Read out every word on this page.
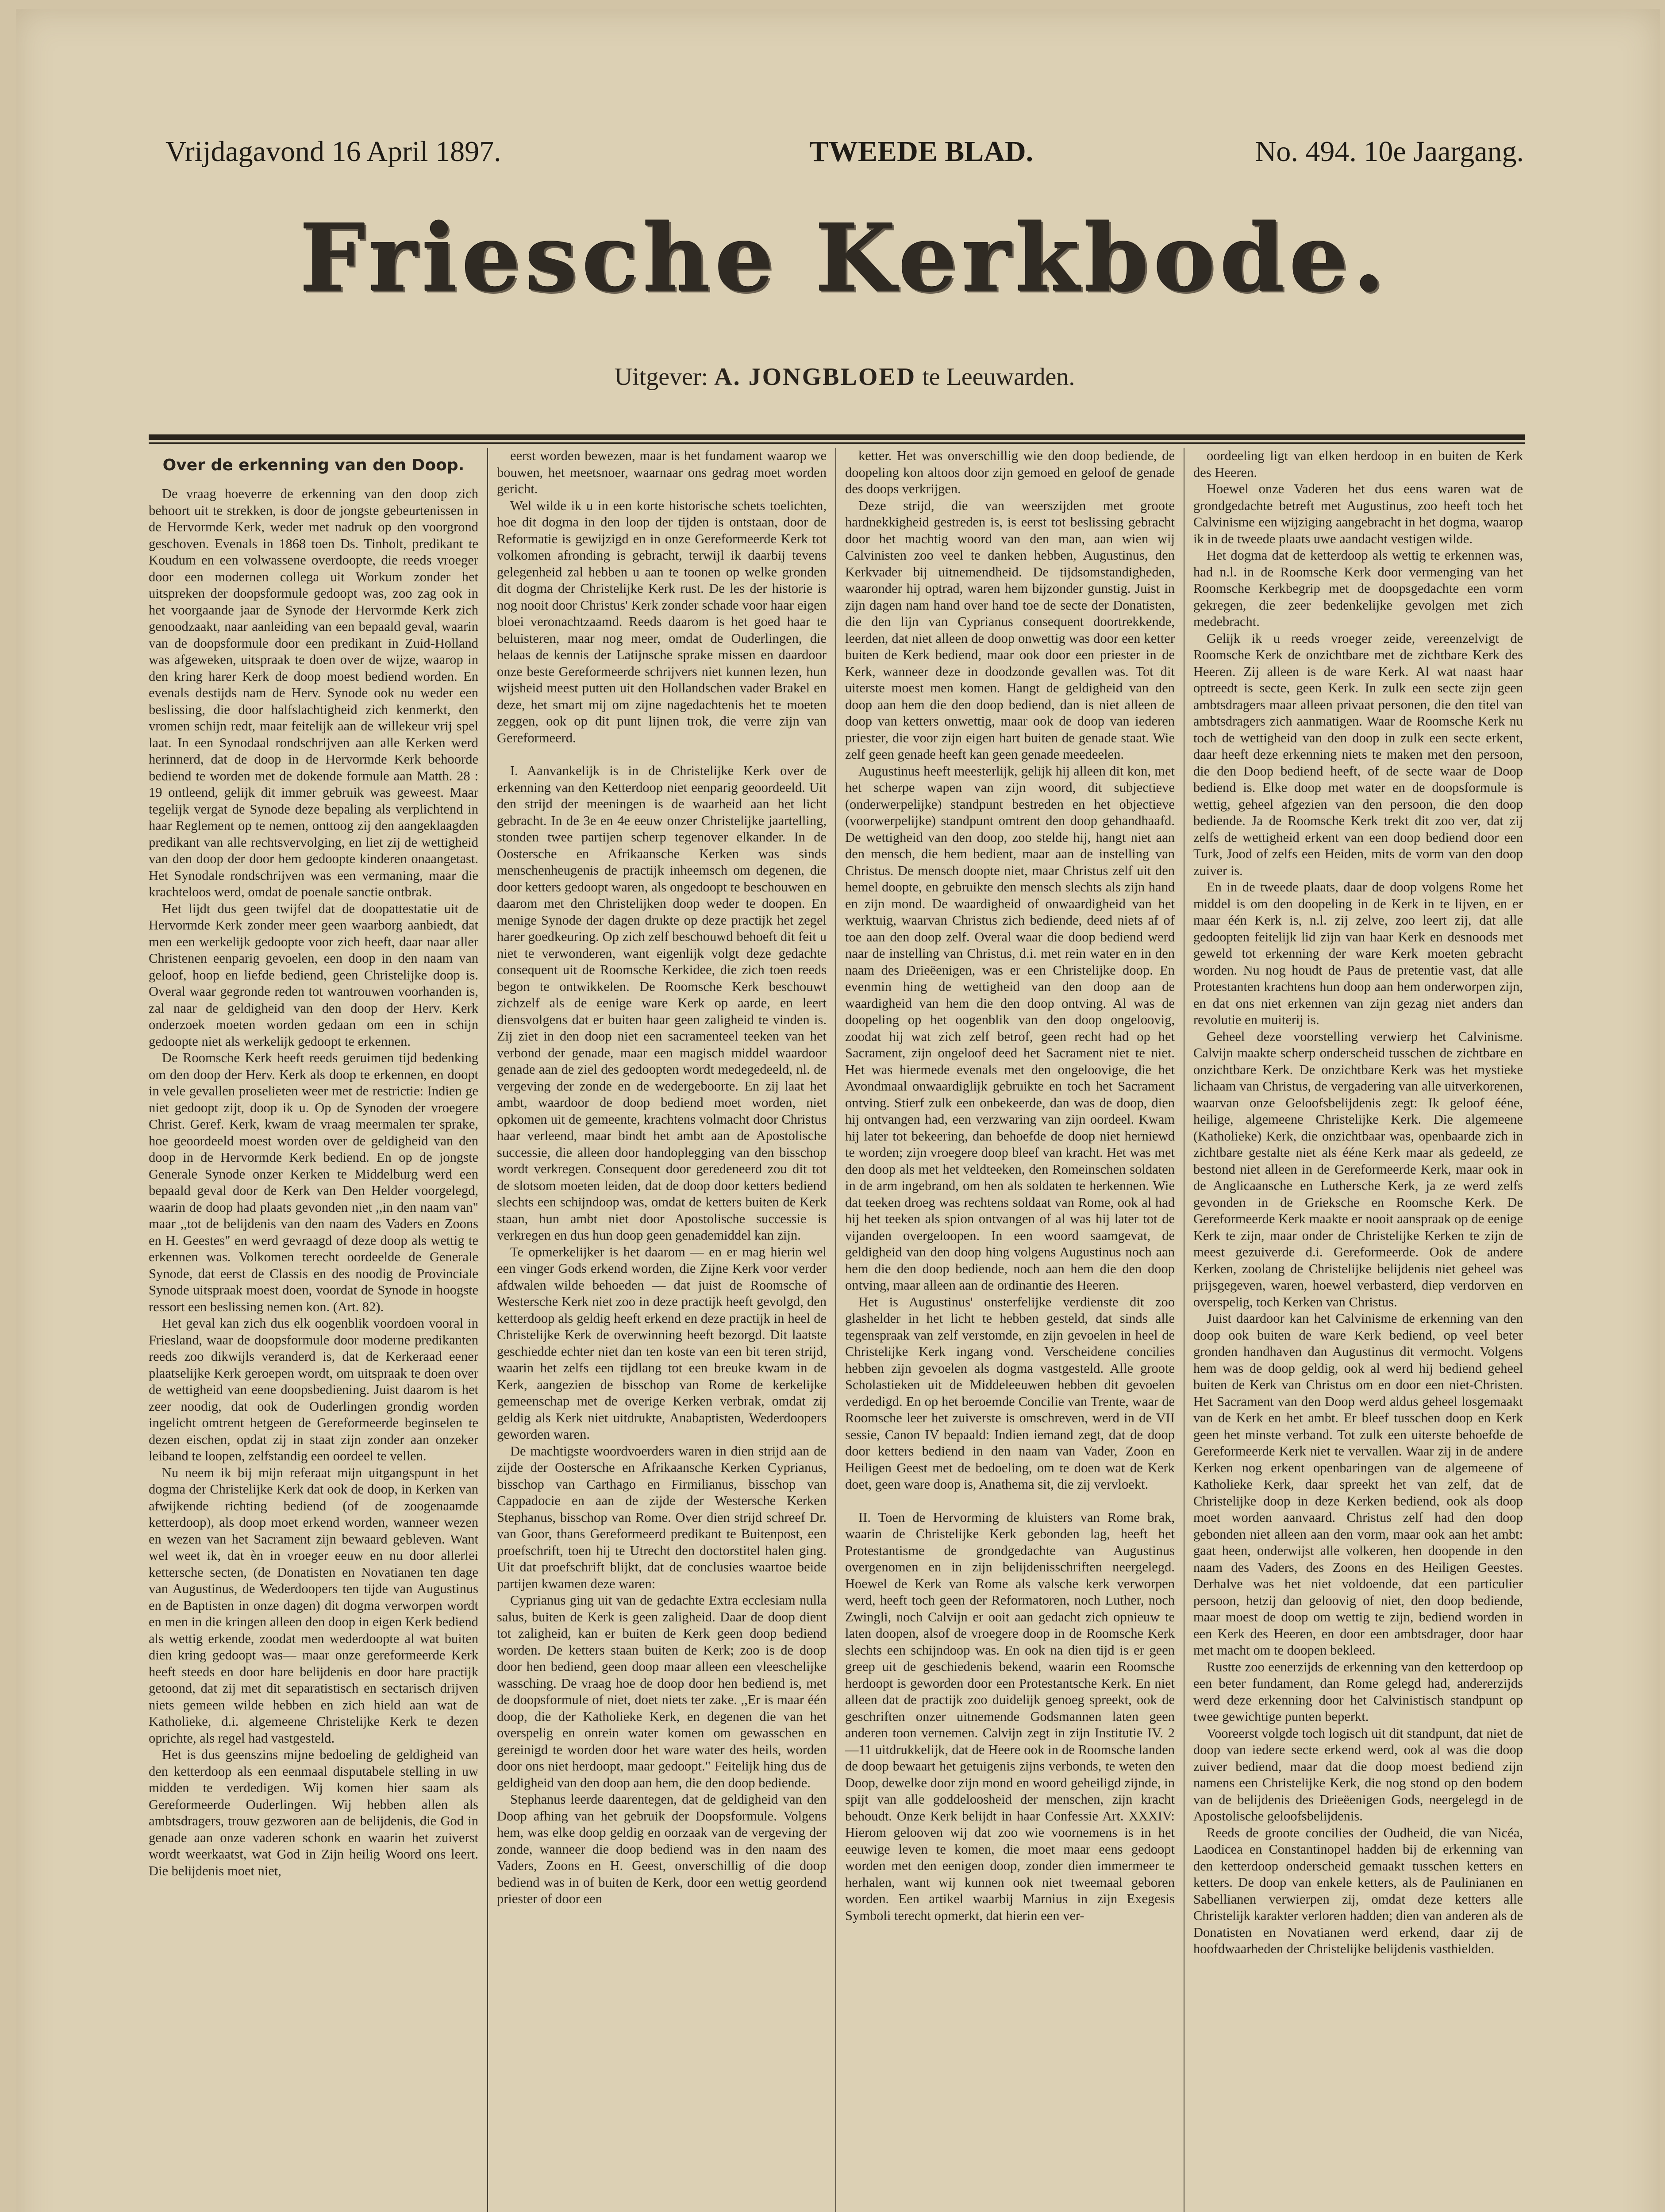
Vrijdagavond 16 April 1897.	TWEEDE BLAD.	No. 494. 10e Jaargang.
Friesche Kerkbode.
Uitgever: A. JONGBLOED te Leeuwarden.
Over de erkenning van den Doop.

De vraag hoeverre de erkenning van den doop zich behoort uit te strekken, is door de jongste gebeurtenissen in de Hervormde Kerk, weder met nadruk op den voorgrond geschoven. Evenals in 1868 toen Ds. Tinholt, predikant te Koudum en een volwassene overdoopte, die reeds vroeger door een modernen collega uit Workum zonder het uitspreken der doopsformule gedoopt was, zoo zag ook in het voorgaande jaar de Synode der Hervormde Kerk zich genoodzaakt, naar aanleiding van een bepaald geval, waarin van de doopsformule door een predikant in Zuid-Holland was afgeweken, uitspraak te doen over de wijze, waarop in den kring harer Kerk de doop moest bediend worden. En evenals destijds nam de Herv. Synode ook nu weder een beslissing, die door halfslachtigheid zich kenmerkt, den vromen schijn redt, maar feitelijk aan de willekeur vrij spel laat. In een Synodaal rondschrijven aan alle Kerken werd herinnerd, dat de doop in de Hervormde Kerk behoorde bediend te worden met de dokende formule aan Matth. 28 : 19 ontleend, gelijk dit immer gebruik was geweest. Maar tegelijk vergat de Synode deze bepaling als verplichtend in haar Reglement op te nemen, onttoog zij den aangeklaagden predikant van alle rechtsvervolging, en liet zij de wettigheid van den doop der door hem gedoopte kinderen onaangetast. Het Synodale rondschrijven was een vermaning, maar die krachteloos werd, omdat de poenale sanctie ontbrak.

Het lijdt dus geen twijfel dat de doopattestatie uit de Hervormde Kerk zonder meer geen waarborg aanbiedt, dat men een werkelijk gedoopte voor zich heeft, daar naar aller Christenen eenparig gevoelen, een doop in den naam van geloof, hoop en liefde bediend, geen Christelijke doop is. Overal waar gegronde reden tot wantrouwen voorhanden is, zal naar de geldigheid van den doop der Herv. Kerk onderzoek moeten worden gedaan om een in schijn gedoopte niet als werkelijk gedoopt te erkennen.

De Roomsche Kerk heeft reeds geruimen tijd bedenking om den doop der Herv. Kerk als doop te erkennen, en doopt in vele gevallen proselieten weer met de restrictie: Indien ge niet gedoopt zijt, doop ik u. Op de Synoden der vroegere Christ. Geref. Kerk, kwam de vraag meermalen ter sprake, hoe geoordeeld moest worden over de geldigheid van den doop in de Hervormde Kerk bediend. En op de jongste Generale Synode onzer Kerken te Middelburg werd een bepaald geval door de Kerk van Den Helder voorgelegd, waarin de doop had plaats gevonden niet ,,in den naam van" maar ,,tot de belijdenis van den naam des Vaders en Zoons en H. Geestes" en werd gevraagd of deze doop als wettig te erkennen was. Volkomen terecht oordeelde de Generale Synode, dat eerst de Classis en des noodig de Provinciale Synode uitspraak moest doen, voordat de Synode in hoogste ressort een beslissing nemen kon. (Art. 82).

Het geval kan zich dus elk oogenblik voordoen vooral in Friesland, waar de doopsformule door moderne predikanten reeds zoo dikwijls veranderd is, dat de Kerkeraad eener plaatselijke Kerk geroepen wordt, om uitspraak te doen over de wettigheid van eene doopsbediening. Juist daarom is het zeer noodig, dat ook de Ouderlingen grondig worden ingelicht omtrent hetgeen de Gereformeerde beginselen te dezen eischen, opdat zij in staat zijn zonder aan onzeker leiband te loopen, zelfstandig een oordeel te vellen.

Nu neem ik bij mijn referaat mijn uitgangspunt in het dogma der Christelijke Kerk dat ook de doop, in Kerken van afwijkende richting bediend (of de zoogenaamde ketterdoop), als doop moet erkend worden, wanneer wezen en wezen van het Sacrament zijn bewaard gebleven. Want wel weet ik, dat èn in vroeger eeuw en nu door allerlei kettersche secten, (de Donatisten en Novatianen ten dage van Augustinus, de Wederdoopers ten tijde van Augustinus en de Baptisten in onze dagen) dit dogma verworpen wordt en men in die kringen alleen den doop in eigen Kerk bediend als wettig erkende, zoodat men wederdoopte al wat buiten dien kring gedoopt was— maar onze gereformeerde Kerk heeft steeds en door hare belijdenis en door hare practijk getoond, dat zij met dit separatistisch en sectarisch drijven niets gemeen wilde hebben en zich hield aan wat de Katholieke, d.i. algemeene Christelijke Kerk te dezen oprichte, als regel had vastgesteld.

Het is dus geenszins mijne bedoeling de geldigheid van den ketterdoop als een eenmaal disputabele stelling in uw midden te verdedigen. Wij komen hier saam als Gereformeerde Ouderlingen. Wij hebben allen als ambtsdragers, trouw gezworen aan de belijdenis, die God in genade aan onze vaderen schonk en waarin het zuiverst wordt weerkaatst, wat God in Zijn heilig Woord ons leert. Die belijdenis moet niet,

eerst worden bewezen, maar is het fundament waarop we bouwen, het meetsnoer, waarnaar ons gedrag moet worden gericht.

Wel wilde ik u in een korte historische schets toelichten, hoe dit dogma in den loop der tijden is ontstaan, door de Reformatie is gewijzigd en in onze Gereformeerde Kerk tot volkomen afronding is gebracht, terwijl ik daarbij tevens gelegenheid zal hebben u aan te toonen op welke gronden dit dogma der Christelijke Kerk rust. De les der historie is nog nooit door Christus' Kerk zonder schade voor haar eigen bloei veronachtzaamd. Reeds daarom is het goed haar te beluisteren, maar nog meer, omdat de Ouderlingen, die helaas de kennis der Latijnsche sprake missen en daardoor onze beste Gereformeerde schrijvers niet kunnen lezen, hun wijsheid meest putten uit den Hollandschen vader Brakel en deze, het smart mij om zijne nagedachtenis het te moeten zeggen, ook op dit punt lijnen trok, die verre zijn van Gereformeerd.

I. Aanvankelijk is in de Christelijke Kerk over de erkenning van den Ketterdoop niet eenparig geoordeeld. Uit den strijd der meeningen is de waarheid aan het licht gebracht. In de 3e en 4e eeuw onzer Christelijke jaartelling, stonden twee partijen scherp tegenover elkander. In de Oostersche en Afrikaansche Kerken was sinds menschenheugenis de practijk inheemsch om degenen, die door ketters gedoopt waren, als ongedoopt te beschouwen en daarom met den Christelijken doop weder te doopen. En menige Synode der dagen drukte op deze practijk het zegel harer goedkeuring. Op zich zelf beschouwd behoeft dit feit u niet te verwonderen, want eigenlijk volgt deze gedachte consequent uit de Roomsche Kerkidee, die zich toen reeds begon te ontwikkelen. De Roomsche Kerk beschouwt zichzelf als de eenige ware Kerk op aarde, en leert diensvolgens dat er buiten haar geen zaligheid te vinden is. Zij ziet in den doop niet een sacramenteel teeken van het verbond der genade, maar een magisch middel waardoor genade aan de ziel des gedoopten wordt medegedeeld, nl. de vergeving der zonde en de wedergeboorte. En zij laat het ambt, waardoor de doop bediend moet worden, niet opkomen uit de gemeente, krachtens volmacht door Christus haar verleend, maar bindt het ambt aan de Apostolische successie, die alleen door handoplegging van den bisschop wordt verkregen. Consequent door geredeneerd zou dit tot de slotsom moeten leiden, dat de doop door ketters bediend slechts een schijndoop was, omdat de ketters buiten de Kerk staan, hun ambt niet door Apostolische successie is verkregen en dus hun doop geen genademiddel kan zijn.

Te opmerkelijker is het daarom — en er mag hierin wel een vinger Gods erkend worden, die Zijne Kerk voor verder afdwalen wilde behoeden — dat juist de Roomsche of Westersche Kerk niet zoo in deze practijk heeft gevolgd, den ketterdoop als geldig heeft erkend en deze practijk in heel de Christelijke Kerk de overwinning heeft bezorgd. Dit laatste geschiedde echter niet dan ten koste van een bit teren strijd, waarin het zelfs een tijdlang tot een breuke kwam in de Kerk, aangezien de bisschop van Rome de kerkelijke gemeenschap met de overige Kerken verbrak, omdat zij geldig als Kerk niet uitdrukte, Anabaptisten, Wederdoopers geworden waren.

De machtigste woordvoerders waren in dien strijd aan de zijde der Oostersche en Afrikaansche Kerken Cyprianus, bisschop van Carthago en Firmilianus, bisschop van Cappadocie en aan de zijde der Westersche Kerken Stephanus, bisschop van Rome. Over dien strijd schreef Dr. van Goor, thans Gereformeerd predikant te Buitenpost, een proefschrift, toen hij te Utrecht den doctorstitel halen ging. Uit dat proefschrift blijkt, dat de conclusies waartoe beide partijen kwamen deze waren:

Cyprianus ging uit van de gedachte Extra ecclesiam nulla salus, buiten de Kerk is geen zaligheid. Daar de doop dient tot zaligheid, kan er buiten de Kerk geen doop bediend worden. De ketters staan buiten de Kerk; zoo is de doop door hen bediend, geen doop maar alleen een vleeschelijke wassching. De vraag hoe de doop door hen bediend is, met de doopsformule of niet, doet niets ter zake. ,,Er is maar één doop, die der Katholieke Kerk, en degenen die van het overspelig en onrein water komen om gewasschen en gereinigd te worden door het ware water des heils, worden door ons niet herdoopt, maar gedoopt." Feitelijk hing dus de geldigheid van den doop aan hem, die den doop bediende.

Stephanus leerde daarentegen, dat de geldigheid van den Doop afhing van het gebruik der Doopsformule. Volgens hem, was elke doop geldig en oorzaak van de vergeving der zonde, wanneer die doop bediend was in den naam des Vaders, Zoons en H. Geest, onverschillig of die doop bediend was in of buiten de Kerk, door een wettig geordend priester of door een

ketter. Het was onverschillig wie den doop bediende, de doopeling kon altoos door zijn gemoed en geloof de genade des doops verkrijgen.

Deze strijd, die van weerszijden met groote hardnekkigheid gestreden is, is eerst tot beslissing gebracht door het machtig woord van den man, aan wien wij Calvinisten zoo veel te danken hebben, Augustinus, den Kerkvader bij uitnemendheid. De tijdsomstandigheden, waaronder hij optrad, waren hem bijzonder gunstig. Juist in zijn dagen nam hand over hand toe de secte der Donatisten, die den lijn van Cyprianus consequent doortrekkende, leerden, dat niet alleen de doop onwettig was door een ketter buiten de Kerk bediend, maar ook door een priester in de Kerk, wanneer deze in doodzonde gevallen was. Tot dit uiterste moest men komen. Hangt de geldigheid van den doop aan hem die den doop bediend, dan is niet alleen de doop van ketters onwettig, maar ook de doop van iederen priester, die voor zijn eigen hart buiten de genade staat. Wie zelf geen genade heeft kan geen genade meedeelen.

Augustinus heeft meesterlijk, gelijk hij alleen dit kon, met het scherpe wapen van zijn woord, dit subjectieve (onderwerpelijke) standpunt bestreden en het objectieve (voorwerpelijke) standpunt omtrent den doop gehandhaafd. De wettigheid van den doop, zoo stelde hij, hangt niet aan den mensch, die hem bedient, maar aan de instelling van Christus. De mensch doopte niet, maar Christus zelf uit den hemel doopte, en gebruikte den mensch slechts als zijn hand en zijn mond. De waardigheid of onwaardigheid van het werktuig, waarvan Christus zich bediende, deed niets af of toe aan den doop zelf. Overal waar die doop bediend werd naar de instelling van Christus, d.i. met rein water en in den naam des Drieëenigen, was er een Christelijke doop. En evenmin hing de wettigheid van den doop aan de waardigheid van hem die den doop ontving. Al was de doopeling op het oogenblik van den doop ongeloovig, zoodat hij wat zich zelf betrof, geen recht had op het Sacrament, zijn ongeloof deed het Sacrament niet te niet. Het was hiermede evenals met den ongeloovige, die het Avondmaal onwaardiglijk gebruikte en toch het Sacrament ontving. Stierf zulk een onbekeerde, dan was de doop, dien hij ontvangen had, een verzwaring van zijn oordeel. Kwam hij later tot bekeering, dan behoefde de doop niet herniewd te worden; zijn vroegere doop bleef van kracht. Het was met den doop als met het veldteeken, den Romeinschen soldaten in de arm ingebrand, om hen als soldaten te herkennen. Wie dat teeken droeg was rechtens soldaat van Rome, ook al had hij het teeken als spion ontvangen of al was hij later tot de vijanden overgeloopen. In een woord saamgevat, de geldigheid van den doop hing volgens Augustinus noch aan hem die den doop bediende, noch aan hem die den doop ontving, maar alleen aan de ordinantie des Heeren.

Het is Augustinus' onsterfelijke verdienste dit zoo glashelder in het licht te hebben gesteld, dat sinds alle tegenspraak van zelf verstomde, en zijn gevoelen in heel de Christelijke Kerk ingang vond. Verscheidene concilies hebben zijn gevoelen als dogma vastgesteld. Alle groote Scholastieken uit de Middeleeuwen hebben dit gevoelen verdedigd. En op het beroemde Concilie van Trente, waar de Roomsche leer het zuiverste is omschreven, werd in de VII sessie, Canon IV bepaald: Indien iemand zegt, dat de doop door ketters bediend in den naam van Vader, Zoon en Heiligen Geest met de bedoeling, om te doen wat de Kerk doet, geen ware doop is, Anathema sit, die zij vervloekt.

II. Toen de Hervorming de kluisters van Rome brak, waarin de Christelijke Kerk gebonden lag, heeft het Protestantisme de grondgedachte van Augustinus overgenomen en in zijn belijdenisschriften neergelegd. Hoewel de Kerk van Rome als valsche kerk verworpen werd, heeft toch geen der Reformatoren, noch Luther, noch Zwingli, noch Calvijn er ooit aan gedacht zich opnieuw te laten doopen, alsof de vroegere doop in de Roomsche Kerk slechts een schijndoop was. En ook na dien tijd is er geen greep uit de geschiedenis bekend, waarin een Roomsche herdoopt is geworden door een Protestantsche Kerk. En niet alleen dat de practijk zoo duidelijk genoeg spreekt, ook de geschriften onzer uitnemende Godsmannen laten geen anderen toon vernemen. Calvijn zegt in zijn Institutie IV. 2—11 uitdrukkelijk, dat de Heere ook in de Roomsche landen de doop bewaart het getuigenis zijns verbonds, te weten den Doop, dewelke door zijn mond en woord geheiligd zijnde, in spijt van alle goddeloosheid der menschen, zijn kracht behoudt. Onze Kerk belijdt in haar Confessie Art. XXXIV: Hierom gelooven wij dat zoo wie voornemens is in het eeuwige leven te komen, die moet maar eens gedoopt worden met den eenigen doop, zonder dien immermeer te herhalen, want wij kunnen ook niet tweemaal geboren worden. Een artikel waarbij Marnius in zijn Exegesis Symboli terecht opmerkt, dat hierin een ver-

oordeeling ligt van elken herdoop in en buiten de Kerk des Heeren.

Hoewel onze Vaderen het dus eens waren wat de grondgedachte betreft met Augustinus, zoo heeft toch het Calvinisme een wijziging aangebracht in het dogma, waarop ik in de tweede plaats uwe aandacht vestigen wilde.

Het dogma dat de ketterdoop als wettig te erkennen was, had n.l. in de Roomsche Kerk door vermenging van het Roomsche Kerkbegrip met de doopsgedachte een vorm gekregen, die zeer bedenkelijke gevolgen met zich medebracht.

Gelijk ik u reeds vroeger zeide, vereenzelvigt de Roomsche Kerk de onzichtbare met de zichtbare Kerk des Heeren. Zij alleen is de ware Kerk. Al wat naast haar optreedt is secte, geen Kerk. In zulk een secte zijn geen ambtsdragers maar alleen privaat personen, die den titel van ambtsdragers zich aanmatigen. Waar de Roomsche Kerk nu toch de wettigheid van den doop in zulk een secte erkent, daar heeft deze erkenning niets te maken met den persoon, die den Doop bediend heeft, of de secte waar de Doop bediend is. Elke doop met water en de doopsformule is wettig, geheel afgezien van den persoon, die den doop bediende. Ja de Roomsche Kerk trekt dit zoo ver, dat zij zelfs de wettigheid erkent van een doop bediend door een Turk, Jood of zelfs een Heiden, mits de vorm van den doop zuiver is.

En in de tweede plaats, daar de doop volgens Rome het middel is om den doopeling in de Kerk in te lijven, en er maar één Kerk is, n.l. zij zelve, zoo leert zij, dat alle gedoopten feitelijk lid zijn van haar Kerk en desnoods met geweld tot erkenning der ware Kerk moeten gebracht worden. Nu nog houdt de Paus de pretentie vast, dat alle Protestanten krachtens hun doop aan hem onderworpen zijn, en dat ons niet erkennen van zijn gezag niet anders dan revolutie en muiterij is.

Geheel deze voorstelling verwierp het Calvinisme. Calvijn maakte scherp onderscheid tusschen de zichtbare en onzichtbare Kerk. De onzichtbare Kerk was het mystieke lichaam van Christus, de vergadering van alle uitverkorenen, waarvan onze Geloofsbelijdenis zegt: Ik geloof ééne, heilige, algemeene Christelijke Kerk. Die algemeene (Katholieke) Kerk, die onzichtbaar was, openbaarde zich in zichtbare gestalte niet als ééne Kerk maar als gedeeld, ze bestond niet alleen in de Gereformeerde Kerk, maar ook in de Anglicaansche en Luthersche Kerk, ja ze werd zelfs gevonden in de Grieksche en Roomsche Kerk. De Gereformeerde Kerk maakte er nooit aanspraak op de eenige Kerk te zijn, maar onder de Christelijke Kerken te zijn de meest gezuiverde d.i. Gereformeerde. Ook de andere Kerken, zoolang de Christelijke belijdenis niet geheel was prijsgegeven, waren, hoewel verbasterd, diep verdorven en overspelig, toch Kerken van Christus.

Juist daardoor kan het Calvinisme de erkenning van den doop ook buiten de ware Kerk bediend, op veel beter gronden handhaven dan Augustinus dit vermocht. Volgens hem was de doop geldig, ook al werd hij bediend geheel buiten de Kerk van Christus om en door een niet-Christen. Het Sacrament van den Doop werd aldus geheel losgemaakt van de Kerk en het ambt. Er bleef tusschen doop en Kerk geen het minste verband. Tot zulk een uiterste behoefde de Gereformeerde Kerk niet te vervallen. Waar zij in de andere Kerken nog erkent openbaringen van de algemeene of Katholieke Kerk, daar spreekt het van zelf, dat de Christelijke doop in deze Kerken bediend, ook als doop moet worden aanvaard. Christus zelf had den doop gebonden niet alleen aan den vorm, maar ook aan het ambt: gaat heen, onderwijst alle volkeren, hen doopende in den naam des Vaders, des Zoons en des Heiligen Geestes. Derhalve was het niet voldoende, dat een particulier persoon, hetzij dan geloovig of niet, den doop bediende, maar moest de doop om wettig te zijn, bediend worden in een Kerk des Heeren, en door een ambtsdrager, door haar met macht om te doopen bekleed.

Rustte zoo eenerzijds de erkenning van den ketterdoop op een beter fundament, dan Rome gelegd had, andererzijds werd deze erkenning door het Calvinistisch standpunt op twee gewichtige punten beperkt.

Vooreerst volgde toch logisch uit dit standpunt, dat niet de doop van iedere secte erkend werd, ook al was die doop zuiver bediend, maar dat die doop moest bediend zijn namens een Christelijke Kerk, die nog stond op den bodem van de belijdenis des Drieëenigen Gods, neergelegd in de Apostolische geloofsbelijdenis.

Reeds de groote concilies der Oudheid, die van Nicéa, Laodicea en Constantinopel hadden bij de erkenning van den ketterdoop onderscheid gemaakt tusschen ketters en ketters. De doop van enkele ketters, als de Paulinianen en Sabellianen verwierpen zij, omdat deze ketters alle Christelijk karakter verloren hadden; dien van anderen als de Donatisten en Novatianen werd erkend, daar zij de hoofdwaarheden der Christelijke belijdenis vasthielden.
